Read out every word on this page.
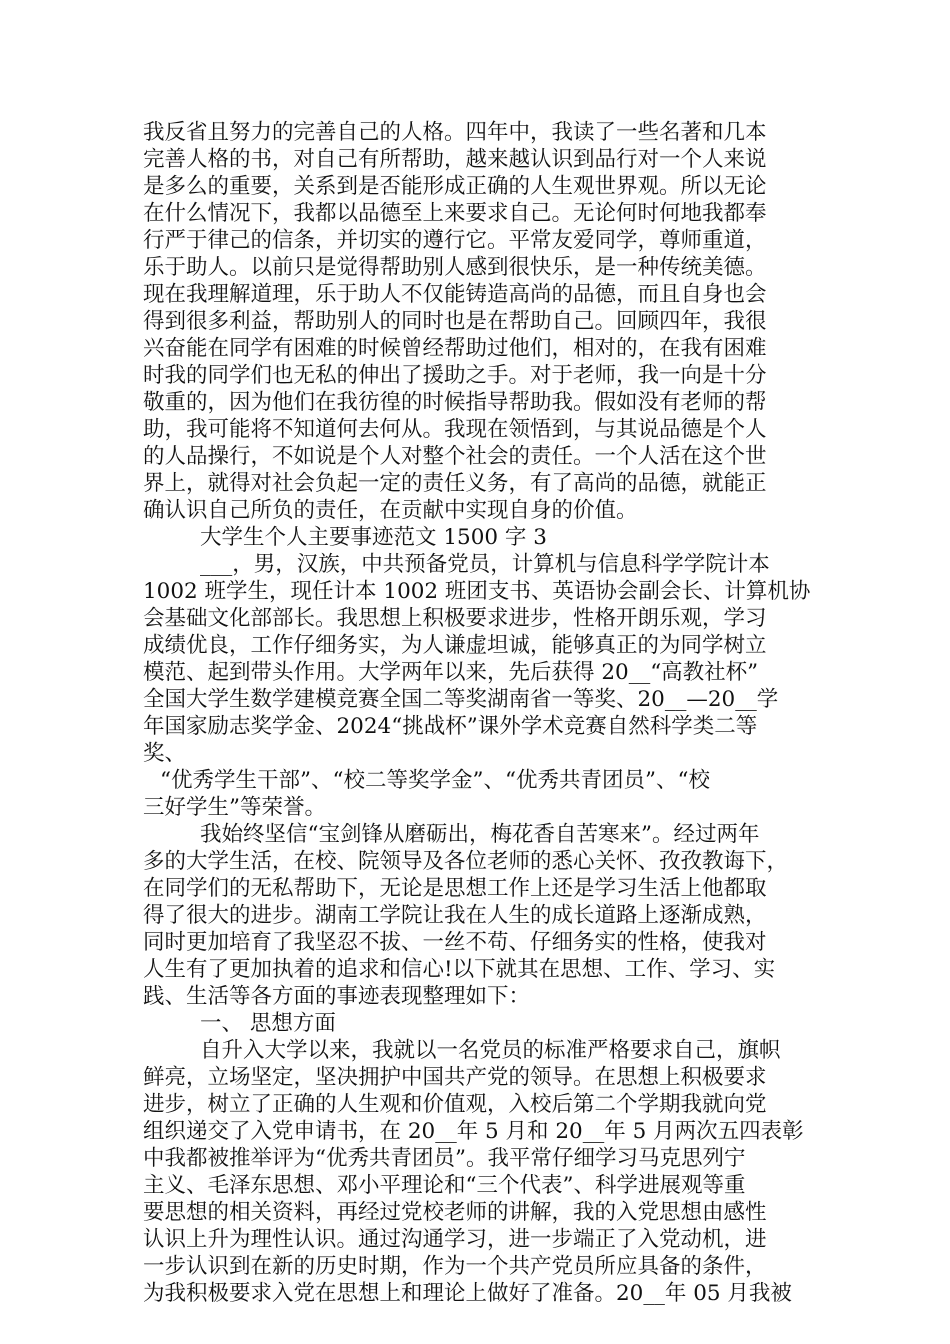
我反省且努力的完善自己的人格。四年中，我读了一些名著和几本
完善人格的书，对自己有所帮助，越来越认识到品行对一个人来说
是多么的重要，关系到是否能形成正确的人生观世界观。所以无论
在什么情况下，我都以品德至上来要求自己。无论何时何地我都奉
行严于律己的信条，并切实的遵行它。平常友爱同学，尊师重道，
乐于助人。以前只是觉得帮助别人感到很快乐，是一种传统美德。
现在我理解道理，乐于助人不仅能铸造高尚的品德，而且自身也会
得到很多利益，帮助别人的同时也是在帮助自己。回顾四年，我很
兴奋能在同学有困难的时候曾经帮助过他们，相对的，在我有困难
时我的同学们也无私的伸出了援助之手。对于老师，我一向是十分
敬重的，因为他们在我彷徨的时候指导帮助我。假如没有老师的帮
助，我可能将不知道何去何从。我现在领悟到，与其说品德是个人
的人品操行，不如说是个人对整个社会的责任。一个人活在这个世
界上，就得对社会负起一定的责任义务，有了高尚的品德，就能正
确认识自己所负的责任，在贡献中实现自身的价值。
大学生个人主要事迹范文 1500 字 3
___，男，汉族，中共预备党员，计算机与信息科学学院计本
1002 班学生，现任计本 1002 班团支书、英语协会副会长、计算机协
会基础文化部部长。我思想上积极要求进步，性格开朗乐观，学习
成绩优良，工作仔细务实，为人谦虚坦诚，能够真正的为同学树立
模范、起到带头作用。大学两年以来，先后获得 20__“高教社杯”
全国大学生数学建模竞赛全国二等奖湖南省一等奖、20__—20__学
年国家励志奖学金、2024“挑战杯”课外学术竞赛自然科学类二等
奖、
“优秀学生干部”、“校二等奖学金”、“优秀共青团员”、“校
三好学生”等荣誉。
我始终坚信“宝剑锋从磨砺出，梅花香自苦寒来”。经过两年
多的大学生活，在校、院领导及各位老师的悉心关怀、孜孜教诲下，
在同学们的无私帮助下，无论是思想工作上还是学习生活上他都取
得了很大的进步。湖南工学院让我在人生的成长道路上逐渐成熟，
同时更加培育了我坚忍不拔、一丝不苟、仔细务实的性格，使我对
人生有了更加执着的追求和信心!以下就其在思想、工作、学习、实
践、生活等各方面的事迹表现整理如下：
一、 思想方面
自升入大学以来，我就以一名党员的标准严格要求自己，旗帜
鲜亮，立场坚定，坚决拥护中国共产党的领导。在思想上积极要求
进步，树立了正确的人生观和价值观，入校后第二个学期我就向党
组织递交了入党申请书，在 20__年 5 月和 20__年 5 月两次五四表彰
中我都被推举评为“优秀共青团员”。我平常仔细学习马克思列宁
主义、毛泽东思想、邓小平理论和“三个代表”、科学进展观等重
要思想的相关资料，再经过党校老师的讲解，我的入党思想由感性
认识上升为理性认识。通过沟通学习，进一步端正了入党动机，进
一步认识到在新的历史时期，作为一个共产党员所应具备的条件，
为我积极要求入党在思想上和理论上做好了准备。20__年 05 月我被
